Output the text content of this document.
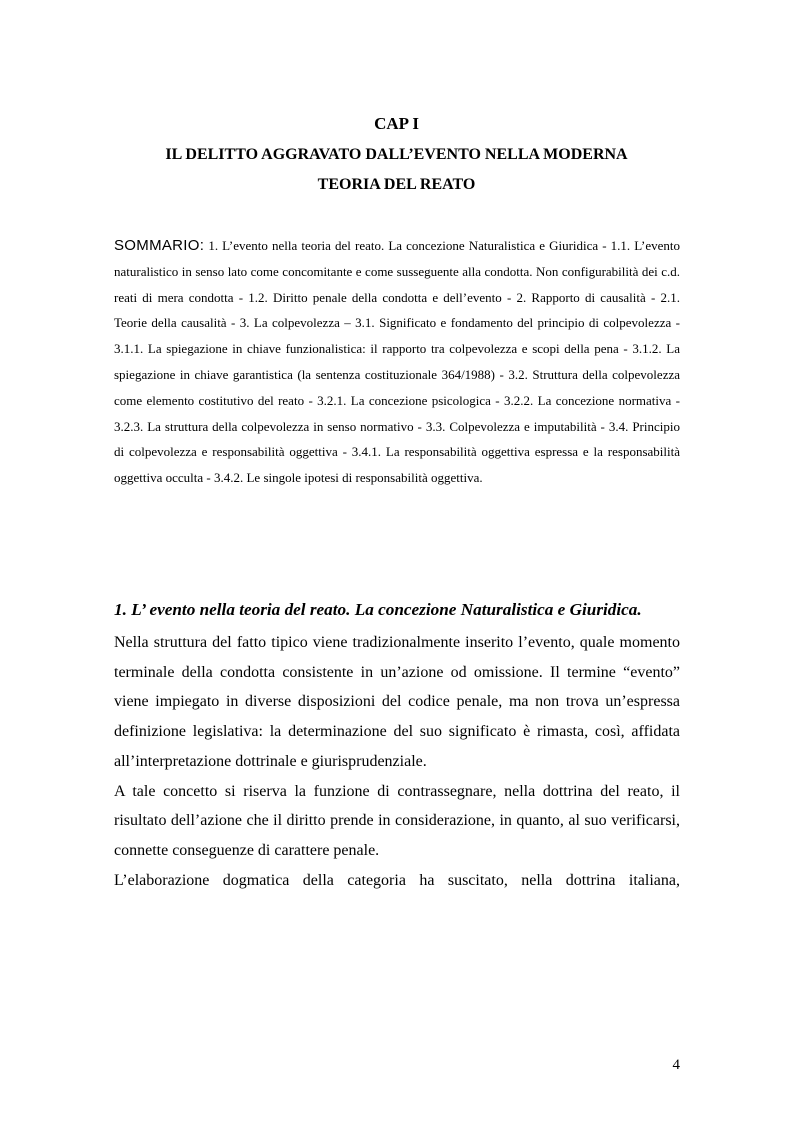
CAP I
IL DELITTO AGGRAVATO DALL’EVENTO NELLA MODERNA
TEORIA DEL REATO
SOMMARIO: 1. L’evento nella teoria del reato. La concezione Naturalistica e Giuridica - 1.1. L’evento naturalistico in senso lato come concomitante e come susseguente alla condotta. Non configurabilità dei c.d. reati di mera condotta - 1.2. Diritto penale della condotta e dell’evento - 2. Rapporto di causalità - 2.1. Teorie della causalità - 3. La colpevolezza – 3.1. Significato e fondamento del principio di colpevolezza - 3.1.1. La spiegazione in chiave funzionalistica: il rapporto tra colpevolezza e scopi della pena - 3.1.2. La spiegazione in chiave garantistica (la sentenza costituzionale 364/1988) - 3.2. Struttura della colpevolezza come elemento costitutivo del reato - 3.2.1. La concezione psicologica - 3.2.2. La concezione normativa - 3.2.3. La struttura della colpevolezza in senso normativo - 3.3. Colpevolezza e imputabilità - 3.4. Principio di colpevolezza e responsabilità oggettiva - 3.4.1. La responsabilità oggettiva espressa e la responsabilità oggettiva occulta - 3.4.2. Le singole ipotesi di responsabilità oggettiva.
1. L’ evento nella teoria del reato. La concezione Naturalistica e Giuridica.

Nella struttura del fatto tipico viene tradizionalmente inserito l’evento, quale momento terminale della condotta consistente in un’azione od omissione. Il termine “evento” viene impiegato in diverse disposizioni del codice penale, ma non trova un’espressa definizione legislativa: la determinazione del suo significato è rimasta, così, affidata all’interpretazione dottrinale e giurisprudenziale.

A tale concetto si riserva la funzione di contrassegnare, nella dottrina del reato, il risultato dell’azione che il diritto prende in considerazione, in quanto, al suo verificarsi, connette conseguenze di carattere penale.

L’elaborazione dogmatica della categoria ha suscitato, nella dottrina italiana,

4
